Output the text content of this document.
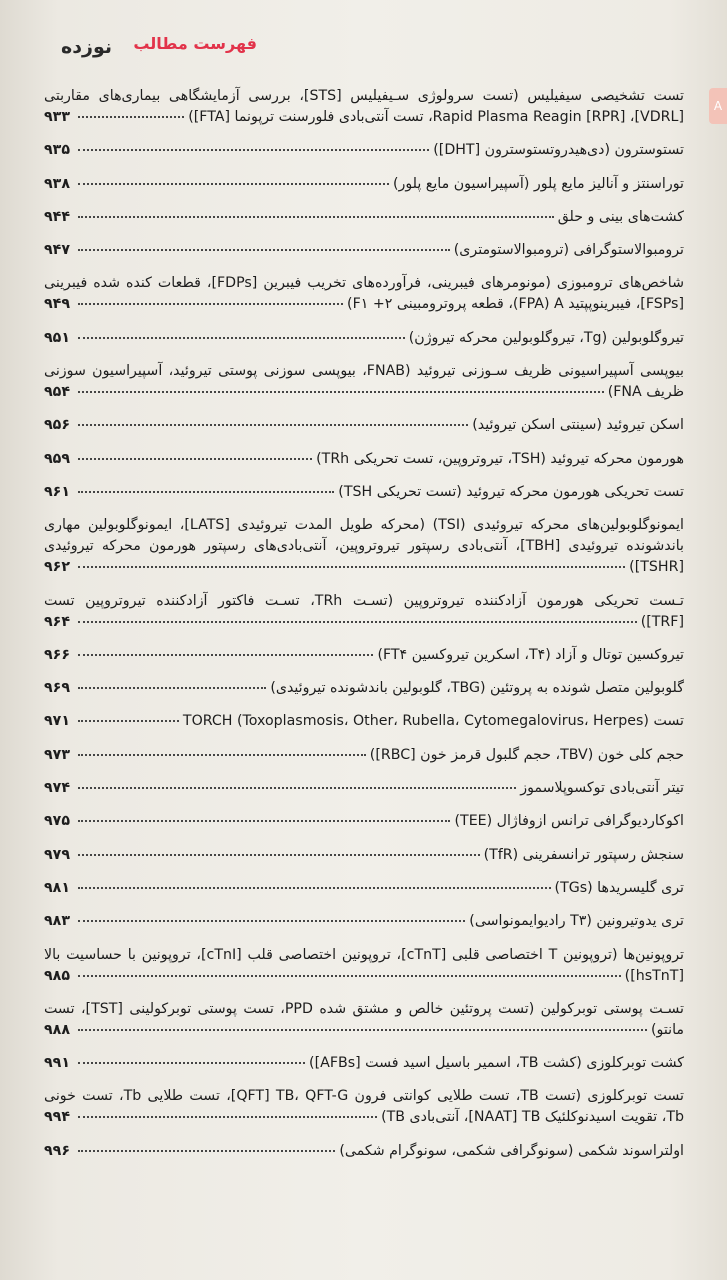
نوزده فهرست مطالب
A
تست تشخیصی سیفیلیس (تست سرولوژی سـیفیلیس [STS]، بررسی آزمایشگاهی بیماری‌های مقاربتی
[VDRL]، Rapid Plasma Reagin [RPR]، تست آنتی‌بادی فلورسنت ترپونما [FTA])
۹۳۳
تستوسترون (دی‌هیدروتستوسترون [DHT])
۹۳۵
توراسنتز و آنالیز مایع پلور (آسپیراسیون مایع پلور)
۹۳۸
کشت‌های بینی و حلق
۹۴۴
ترومبوالاستوگرافی (ترومبوالاستومتری)
۹۴۷
شاخص‌های ترومبوزی (مونومرهای فیبرینی، فرآورده‌های تخریب فیبرین [FDPs]، قطعات کنده شده فیبرینی
[FSPs]، فیبرینوپپتید FPA) A)، قطعه پروترومبینی ۲+ F۱)
۹۴۹
تیروگلوبولین (Tg، تیروگلوبولین محرکه تیروژن)
۹۵۱
بیوپسی آسپیراسیونی ظریف سـوزنی تیروئید (FNAB، بیوپسی سوزنی پوستی تیروئید، آسپیراسیون سوزنی
ظریف FNA)
۹۵۴
اسکن تیروئید (سینتی اسکن تیروئید)
۹۵۶
هورمون محرکه تیروئید (TSH، تیروتروپین، تست تحریکی TRh)
۹۵۹
تست تحریکی هورمون محرکه تیروئید (تست تحریکی TSH)
۹۶۱
ایمونوگلوبولین‌های محرکه تیروئیدی (TSI) (محرکه طویل المدت تیروئیدی [LATS]، ایمونوگلوبولین مهاری
باندشونده تیروئیدی [TBH]، آنتی‌بادی رسپتور تیروتروپین، آنتی‌بادی‌های رسپتور هورمون محرکه تیروئیدی
[TSHR])
۹۶۲
تـست تحریکی هورمون آزادکننده تیروتروپین (تسـت TRh، تسـت فاکتور آزادکننده تیروتروپین تست
[TRF])
۹۶۴
تیروکسین توتال و آزاد (T۴، اسکرین تیروکسین FT۴)
۹۶۶
گلوبولین متصل شونده به پروتئین (TBG، گلوبولین باندشونده تیروئیدی)
۹۶۹
تست TORCH (Toxoplasmosis، Other، Rubella، Cytomegalovirus، Herpes)
۹۷۱
حجم کلی خون (TBV، حجم گلبول قرمز خون [RBC])
۹۷۳
تیتر آنتی‌بادی توکسوپلاسموز
۹۷۴
اکوکاردیوگرافی ترانس ازوفاژال (TEE)
۹۷۵
سنجش رسپتور ترانسفرینی (TfR)
۹۷۹
تری گلیسریدها (TGs)
۹۸۱
تری یدوتیرونین (T۳ رادیوایمونواسی)
۹۸۳
تروپونین‌ها (تروپونین T اختصاصی قلبی [cTnT]، تروپونین اختصاصی قلب [cTnI]، تروپونین با حساسیت بالا
[hsTnT])
۹۸۵
تسـت پوستی توبرکولین (تست پروتئین خالص و مشتق شده PPD، تست پوستی توبرکولینی [TST]، تست
مانتو)
۹۸۸
کشت توبرکلوزی (کشت TB، اسمیر باسیل اسید فست [AFBs])
۹۹۱
تست توبرکلوزی (تست TB، تست طلایی کوانتی فرون QFT] TB، QFT-G]، تست طلایی Tb، تست خونی
Tb، تقویت اسیدنوکلئیک NAAT] TB]، آنتی‌بادی TB)
۹۹۴
اولتراسوند شکمی (سونوگرافی شکمی، سونوگرام شکمی)
۹۹۶
